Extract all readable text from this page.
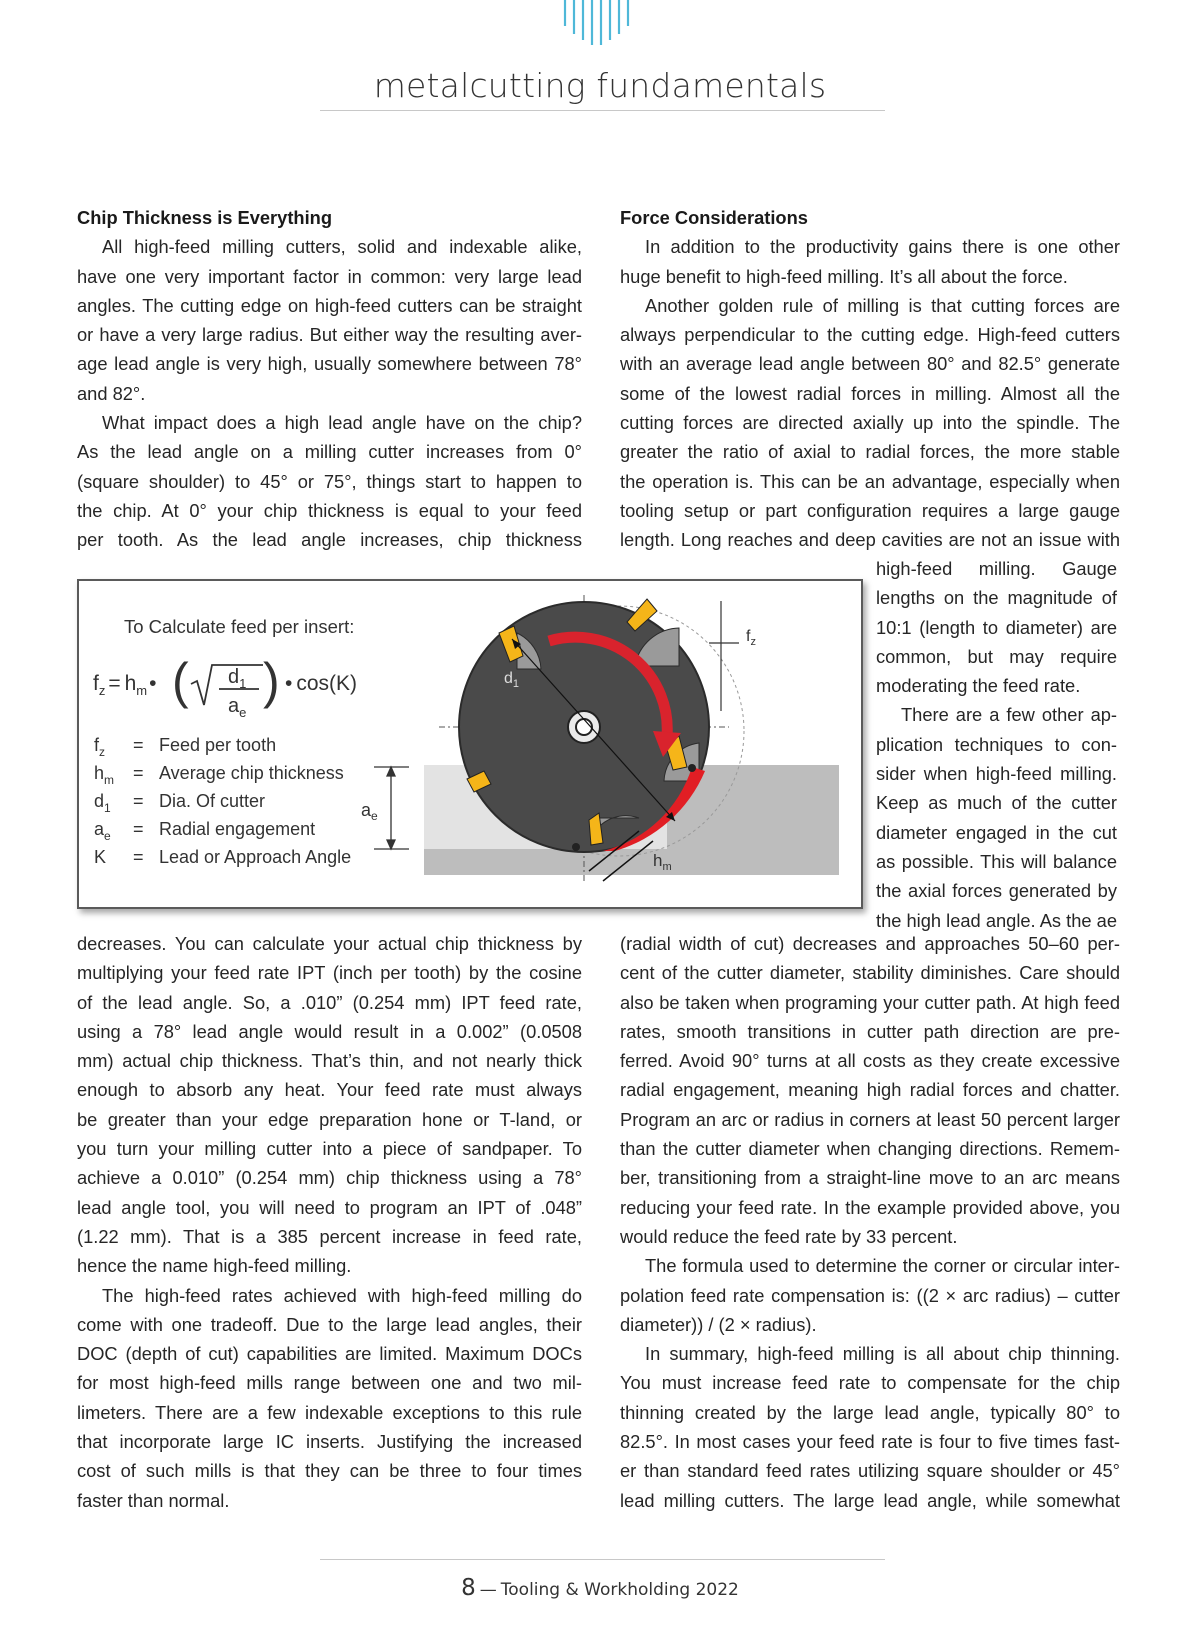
metalcutting fundamentals
Chip Thickness is Everything

All high-feed milling cutters, solid and indexable alike,

have one very important factor in common: very large lead

angles. The cutting edge on high-feed cutters can be straight

or have a very large radius. But either way the resulting aver-

age lead angle is very high, usually somewhere between 78°

and 82°.

What impact does a high lead angle have on the chip?

As the lead angle on a milling cutter increases from 0°

(square shoulder) to 45° or 75°, things start to happen to

the chip. At 0° your chip thickness is equal to your feed

per tooth. As the lead angle increases, chip thickness

Force Considerations

In addition to the productivity gains there is one other

huge benefit to high-feed milling. It’s all about the force.

Another golden rule of milling is that cutting forces are

always perpendicular to the cutting edge. High-feed cutters

with an average lead angle between 80° and 82.5° generate

some of the lowest radial forces in milling. Almost all the

cutting forces are directed axially up into the spindle. The

greater the ratio of axial to radial forces, the more stable

the operation is. This can be an advantage, especially when

tooling setup or part configuration requires a large gauge

length. Long reaches and deep cavities are not an issue with

high-feed milling. Gauge

lengths on the magnitude of

10:1 (length to diameter) are

common, but may require

moderating the feed rate.

There are a few other ap-

plication techniques to con-

sider when high-feed milling.

Keep as much of the cutter

diameter engaged in the cut

as possible. This will balance

the axial forces generated by

the high lead angle. As the ae

To Calculate feed per insert:
$f_z$ = $h_m•$ ( $d_1$
$a_e$
) • cos(K)
$f_z$ = Feed per tooth
$h_m$ = Average chip thickness
$d_1$ = Dia. Of cutter
$a_e$ = Radial engagement
K = Lead or Approach Angle
$a_e$
$d_1$
$f_z$
$h_m$

decreases. You can calculate your actual chip thickness by

multiplying your feed rate IPT (inch per tooth) by the cosine

of the lead angle. So, a .010” (0.254 mm) IPT feed rate,

using a 78° lead angle would result in a 0.002” (0.0508

mm) actual chip thickness. That’s thin, and not nearly thick

enough to absorb any heat. Your feed rate must always

be greater than your edge preparation hone or T-land, or

you turn your milling cutter into a piece of sandpaper. To

achieve a 0.010” (0.254 mm) chip thickness using a 78°

lead angle tool, you will need to program an IPT of .048”

(1.22 mm). That is a 385 percent increase in feed rate,

hence the name high-feed milling.

The high-feed rates achieved with high-feed milling do

come with one tradeoff. Due to the large lead angles, their

DOC (depth of cut) capabilities are limited. Maximum DOCs

for most high-feed mills range between one and two mil-

limeters. There are a few indexable exceptions to this rule

that incorporate large IC inserts. Justifying the increased

cost of such mills is that they can be three to four times

faster than normal.

(radial width of cut) decreases and approaches 50–60 per-

cent of the cutter diameter, stability diminishes. Care should

also be taken when programing your cutter path. At high feed

rates, smooth transitions in cutter path direction are pre-

ferred. Avoid 90° turns at all costs as they create excessive

radial engagement, meaning high radial forces and chatter.

Program an arc or radius in corners at least 50 percent larger

than the cutter diameter when changing directions. Remem-

ber, transitioning from a straight-line move to an arc means

reducing your feed rate. In the example provided above, you

would reduce the feed rate by 33 percent.

The formula used to determine the corner or circular inter-

polation feed rate compensation is: ((2 × arc radius) – cutter

diameter)) / (2 × radius).

In summary, high-feed milling is all about chip thinning.

You must increase feed rate to compensate for the chip

thinning created by the large lead angle, typically 80° to

82.5°. In most cases your feed rate is four to five times fast-

er than standard feed rates utilizing square shoulder or 45°

lead milling cutters. The large lead angle, while somewhat

8 — Tooling & Workholding 2022
